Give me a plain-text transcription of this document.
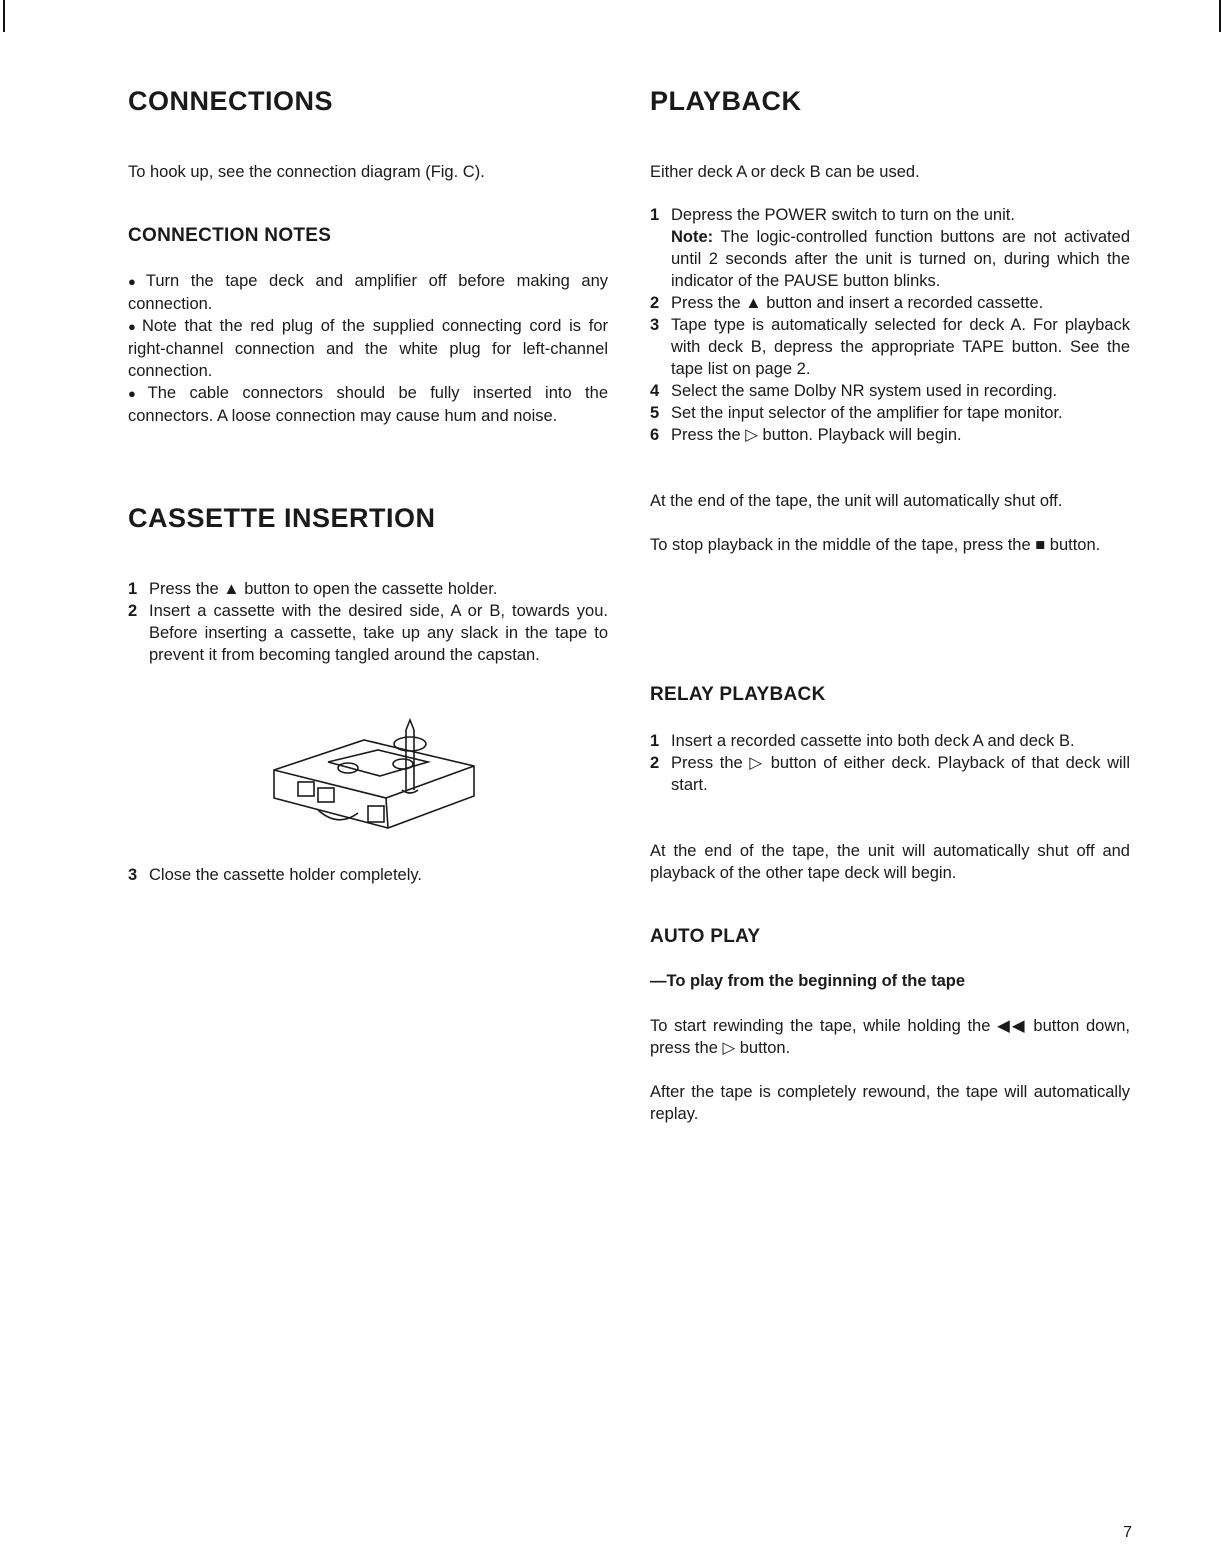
CONNECTIONS

To hook up, see the connection diagram (Fig. C).

CONNECTION NOTES

● Turn the tape deck and amplifier off before making any connection.

● Note that the red plug of the supplied connecting cord is for right-channel connection and the white plug for left-channel connection.

● The cable connectors should be fully inserted into the connectors. A loose connection may cause hum and noise.

CASSETTE INSERTION
1 Press the ▲ button to open the cassette holder.
2 Insert a cassette with the desired side, A or B, towards you. Before inserting a cassette, take up any slack in the tape to prevent it from becoming tangled around the capstan.
3 Close the cassette holder completely.
PLAYBACK

Either deck A or deck B can be used.

1 Depress the POWER switch to turn on the unit.
Note: The logic-controlled function buttons are not activated until 2 seconds after the unit is turned on, during which the indicator of the PAUSE button blinks.
2 Press the ▲ button and insert a recorded cassette.
3 Tape type is automatically selected for deck A. For playback with deck B, depress the appropriate TAPE button. See the tape list on page 2.
4 Select the same Dolby NR system used in recording.
5 Set the input selector of the amplifier for tape monitor.
6 Press the ▷ button. Playback will begin.

At the end of the tape, the unit will automatically shut off.

To stop playback in the middle of the tape, press the ■ button.

RELAY PLAYBACK
1 Insert a recorded cassette into both deck A and deck B.
2 Press the ▷ button of either deck. Playback of that deck will start.

At the end of the tape, the unit will automatically shut off and playback of the other tape deck will begin.

AUTO PLAY

—To play from the beginning of the tape

To start rewinding the tape, while holding the ◀◀ button down, press the ▷ button.

After the tape is completely rewound, the tape will automatically replay.

7
